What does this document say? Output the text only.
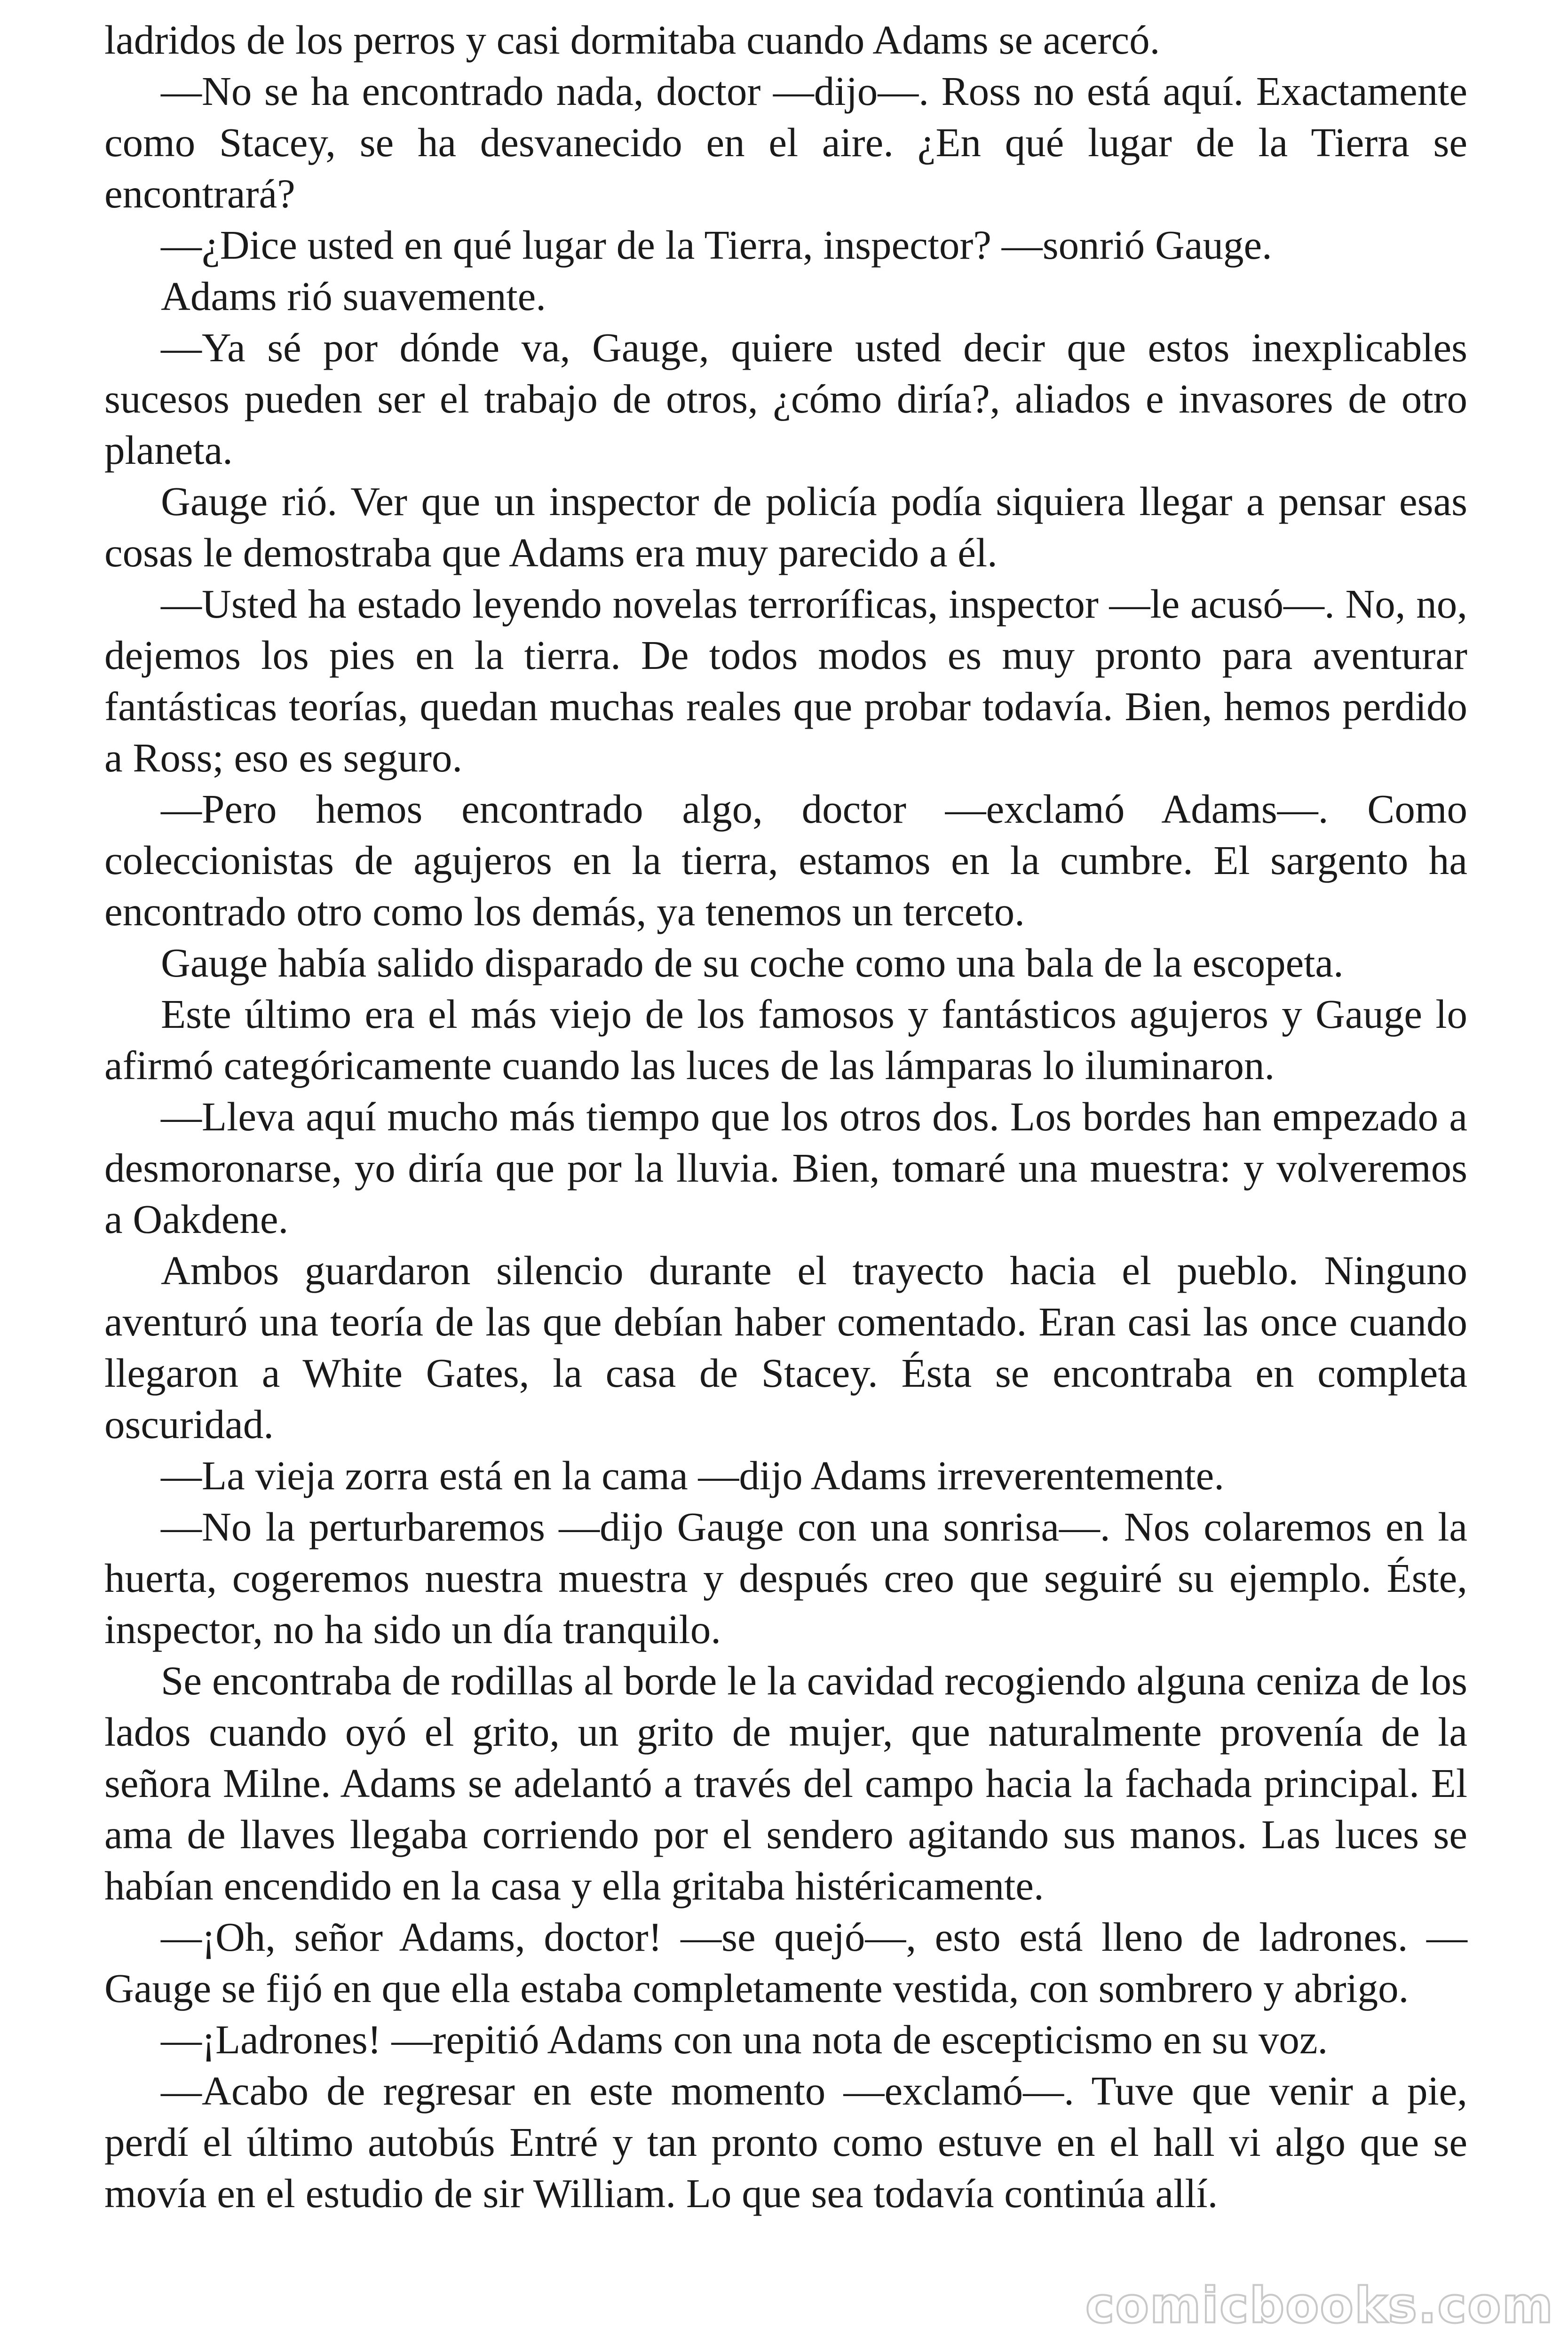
ladridos de los perros y casi dormitaba cuando Adams se acercó.

—No se ha encontrado nada, doctor —dijo—. Ross no está aquí. Exactamente como Stacey, se ha desvanecido en el aire. ¿En qué lugar de la Tierra se encontrará?

—¿Dice usted en qué lugar de la Tierra, inspector? —sonrió Gauge.

Adams rió suavemente.

—Ya sé por dónde va, Gauge, quiere usted decir que estos inexplicables sucesos pueden ser el trabajo de otros, ¿cómo diría?, aliados e invasores de otro planeta.

Gauge rió. Ver que un inspector de policía podía siquiera llegar a pensar esas cosas le demostraba que Adams era muy parecido a él.

—Usted ha estado leyendo novelas terroríficas, inspector —le acusó—. No, no, dejemos los pies en la tierra. De todos modos es muy pronto para aventurar fantásticas teorías, quedan muchas reales que probar todavía. Bien, hemos perdido a Ross; eso es seguro.

—Pero hemos encontrado algo, doctor —exclamó Adams—. Como coleccionistas de agujeros en la tierra, estamos en la cumbre. El sargento ha encontrado otro como los demás, ya tenemos un terceto.

Gauge había salido disparado de su coche como una bala de la escopeta.

Este último era el más viejo de los famosos y fantásticos agujeros y Gauge lo afirmó categóricamente cuando las luces de las lámparas lo iluminaron.

—Lleva aquí mucho más tiempo que los otros dos. Los bordes han empezado a desmoronarse, yo diría que por la lluvia. Bien, tomaré una muestra: y volveremos a Oakdene.

Ambos guardaron silencio durante el trayecto hacia el pueblo. Ninguno aventuró una teoría de las que debían haber comentado. Eran casi las once cuando llegaron a White Gates, la casa de Stacey. Ésta se encontraba en completa oscuridad.

—La vieja zorra está en la cama —dijo Adams irreverentemente.

—No la perturbaremos —dijo Gauge con una sonrisa—. Nos colaremos en la huerta, cogeremos nuestra muestra y después creo que seguiré su ejemplo. Éste, inspector, no ha sido un día tranquilo.

Se encontraba de rodillas al borde le la cavidad recogiendo alguna ceniza de los lados cuando oyó el grito, un grito de mujer, que naturalmente provenía de la señora Milne. Adams se adelantó a través del campo hacia la fachada principal. El ama de llaves llegaba corriendo por el sendero agitando sus manos. Las luces se habían encendido en la casa y ella gritaba histéricamente.

—¡Oh, señor Adams, doctor! —se quejó—, esto está lleno de ladrones. —Gauge se fijó en que ella estaba completamente vestida, con sombrero y abrigo.

—¡Ladrones! —repitió Adams con una nota de escepticismo en su voz.

—Acabo de regresar en este momento —exclamó—. Tuve que venir a pie, perdí el último autobús Entré y tan pronto como estuve en el hall vi algo que se movía en el estudio de sir William. Lo que sea todavía continúa allí.

comicbooks.com
